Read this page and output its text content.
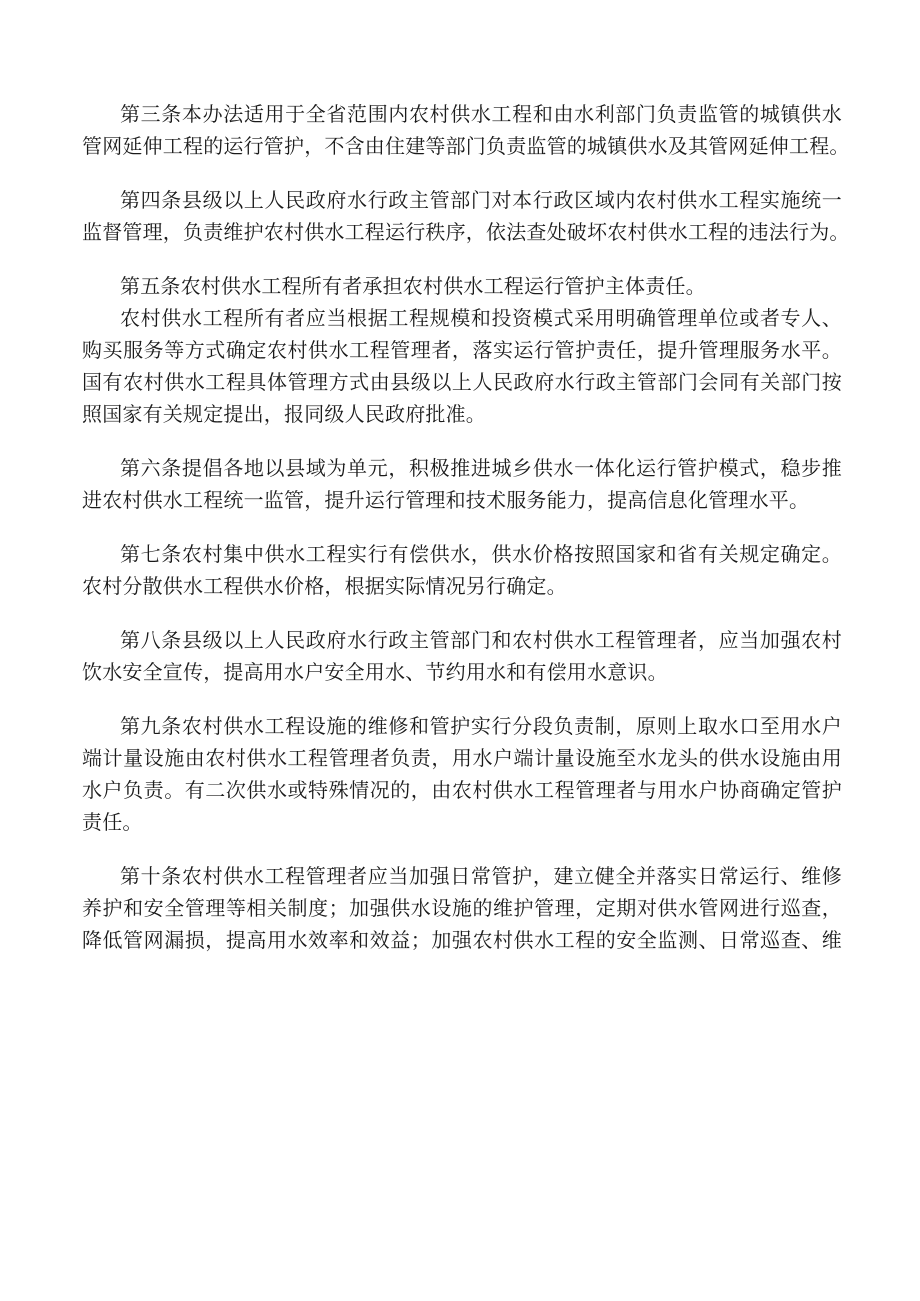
第三条本办法适用于全省范围内农村供水工程和由水利部门负责监管的城镇供水
管网延伸工程的运行管护，不含由住建等部门负责监管的城镇供水及其管网延伸工程。
第四条县级以上人民政府水行政主管部门对本行政区域内农村供水工程实施统一
监督管理，负责维护农村供水工程运行秩序，依法查处破坏农村供水工程的违法行为。
第五条农村供水工程所有者承担农村供水工程运行管护主体责任。
农村供水工程所有者应当根据工程规模和投资模式采用明确管理单位或者专人、
购买服务等方式确定农村供水工程管理者，落实运行管护责任，提升管理服务水平。
国有农村供水工程具体管理方式由县级以上人民政府水行政主管部门会同有关部门按
照国家有关规定提出，报同级人民政府批准。
第六条提倡各地以县域为单元，积极推进城乡供水一体化运行管护模式，稳步推
进农村供水工程统一监管，提升运行管理和技术服务能力，提高信息化管理水平。
第七条农村集中供水工程实行有偿供水，供水价格按照国家和省有关规定确定。
农村分散供水工程供水价格，根据实际情况另行确定。
第八条县级以上人民政府水行政主管部门和农村供水工程管理者，应当加强农村
饮水安全宣传，提高用水户安全用水、节约用水和有偿用水意识。
第九条农村供水工程设施的维修和管护实行分段负责制，原则上取水口至用水户
端计量设施由农村供水工程管理者负责，用水户端计量设施至水龙头的供水设施由用
水户负责。有二次供水或特殊情况的，由农村供水工程管理者与用水户协商确定管护
责任。
第十条农村供水工程管理者应当加强日常管护，建立健全并落实日常运行、维修
养护和安全管理等相关制度；加强供水设施的维护管理，定期对供水管网进行巡查，
降低管网漏损，提高用水效率和效益；加强农村供水工程的安全监测、日常巡查、维
